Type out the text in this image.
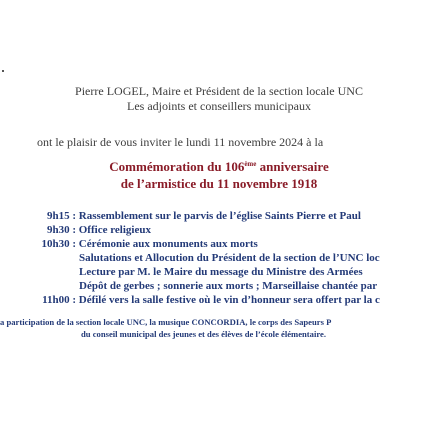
Pierre LOGEL, Maire et Président de la section locale UNC
Les adjoints et conseillers municipaux
ont le plaisir de vous inviter le lundi 11 novembre 2024 à la
Commémoration du 106ème anniversaire
de l’armistice du 11 novembre 1918
9h15 : Rassemblement sur le parvis de l’église Saints Pierre et Paul
9h30 : Office religieux
10h30 : Cérémonie aux monuments aux morts
Salutations et Allocution du Président de la section de l’UNC loc
Lecture par M. le Maire du message du Ministre des Armées
Dépôt de gerbes ; sonnerie aux morts ; Marseillaise chantée par
11h00 : Défilé vers la salle festive où le vin d’honneur sera offert par la c
a participation de la section locale UNC, la musique CONCORDIA, le corps des Sapeurs P
du conseil municipal des jeunes et des élèves de l’école élémentaire.
